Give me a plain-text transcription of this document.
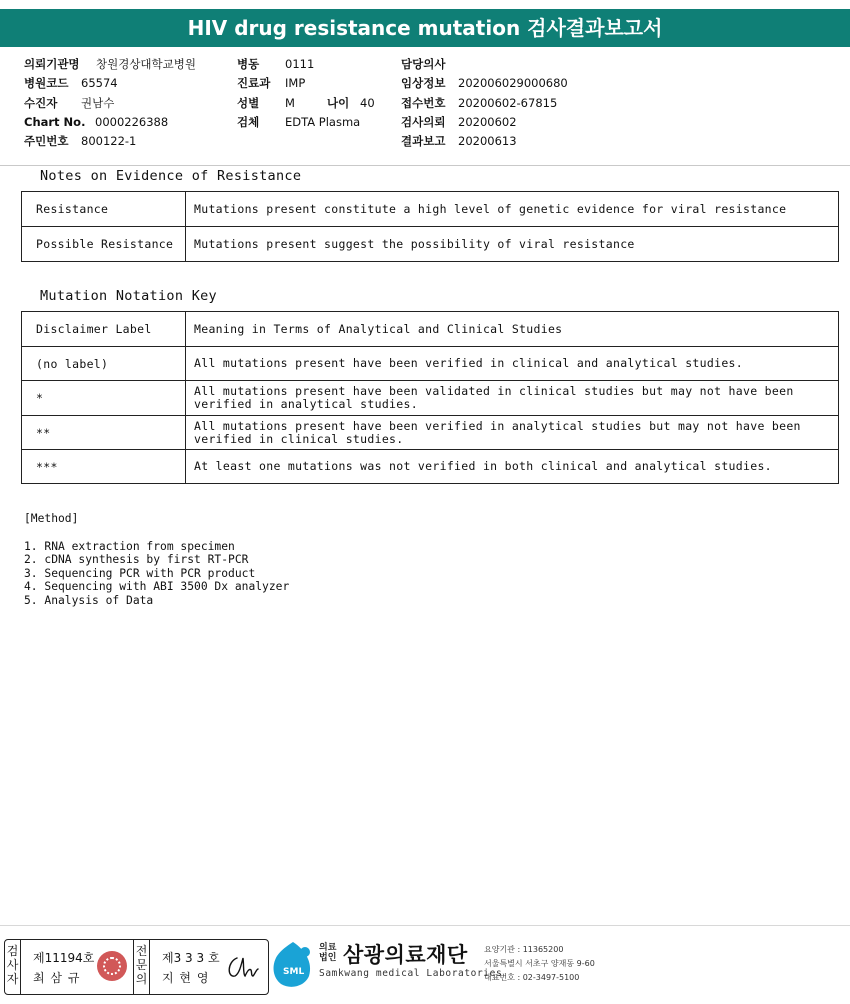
HIV drug resistance mutation 검사결과보고서
의뢰기관명 창원경상대학교병원
병원코드 65574
수진자 권남수
Chart No. 0000226388
주민번호 800122-1
병동 0111
진료과 IMP
성별 M	나이 40
검체 EDTA Plasma
담당의사
임상정보 202006029000680
접수번호 20200602-67815
검사의뢰 20200602
결과보고 20200613
Notes on Evidence of Resistance
Resistance	Mutations present constitute a high level of genetic evidence for viral resistance
Possible Resistance	Mutations present suggest the possibility of viral resistance
Mutation Notation Key
Disclaimer Label	Meaning in Terms of Analytical and Clinical Studies
(no label)	All mutations present have been verified in clinical and analytical studies.
*	All mutations present have been validated in clinical studies but may not have been verified in analytical studies.
**	All mutations present have been verified in analytical studies but may not have been verified in clinical studies.
***	At least one mutations was not verified in both clinical and analytical studies.
[Method]
1. RNA extraction from specimen
2. cDNA synthesis by first RT-PCR
3. Sequencing PCR with PCR product
4. Sequencing with ABI 3500 Dx analyzer
5. Analysis of Data
검사자
제11194호
최 삼 규
전문의
제3 3 3 호
지 현 영	SML
의료
법인 삼광의료재단
Samkwang medical Laboratories
요양기관 : 11365200
서울특별시 서초구 양재동 9-60
대표번호 : 02-3497-5100
